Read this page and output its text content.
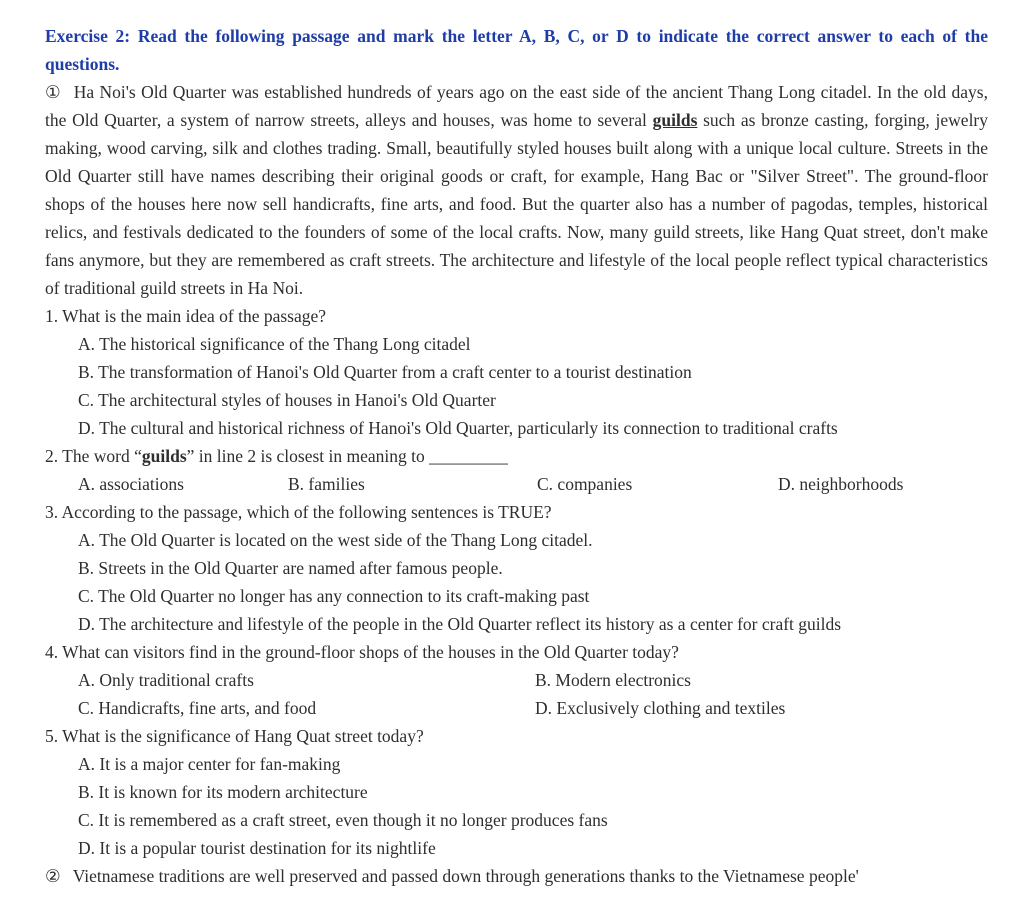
Exercise 2: Read the following passage and mark the letter A, B, C, or D to indicate the correct answer to each of the questions.

① Ha Noi's Old Quarter was established hundreds of years ago on the east side of the ancient Thang Long citadel. In the old days, the Old Quarter, a system of narrow streets, alleys and houses, was home to several guilds such as bronze casting, forging, jewelry making, wood carving, silk and clothes trading. Small, beautifully styled houses built along with a unique local culture. Streets in the Old Quarter still have names describing their original goods or craft, for example, Hang Bac or "Silver Street". The ground-floor shops of the houses here now sell handicrafts, fine arts, and food. But the quarter also has a number of pagodas, temples, historical relics, and festivals dedicated to the founders of some of the local crafts. Now, many guild streets, like Hang Quat street, don't make fans anymore, but they are remembered as craft streets. The architecture and lifestyle of the local people reflect typical characteristics of traditional guild streets in Ha Noi.

1. What is the main idea of the passage?

A. The historical significance of the Thang Long citadel

B. The transformation of Hanoi's Old Quarter from a craft center to a tourist destination

C. The architectural styles of houses in Hanoi's Old Quarter

D. The cultural and historical richness of Hanoi's Old Quarter, particularly its connection to traditional crafts

2. The word “guilds” in line 2 is closest in meaning to _________

A. associations	B. families	C. companies	D. neighborhoods

3. According to the passage, which of the following sentences is TRUE?

A. The Old Quarter is located on the west side of the Thang Long citadel.

B. Streets in the Old Quarter are named after famous people.

C. The Old Quarter no longer has any connection to its craft-making past

D. The architecture and lifestyle of the people in the Old Quarter reflect its history as a center for craft guilds

4. What can visitors find in the ground-floor shops of the houses in the Old Quarter today?

A. Only traditional crafts	B. Modern electronics

C. Handicrafts, fine arts, and food	D. Exclusively clothing and textiles

5. What is the significance of Hang Quat street today?

A. It is a major center for fan-making

B. It is known for its modern architecture

C. It is remembered as a craft street, even though it no longer produces fans

D. It is a popular tourist destination for its nightlife

② Vietnamese traditions are well preserved and passed down through generations thanks to the Vietnamese people'
